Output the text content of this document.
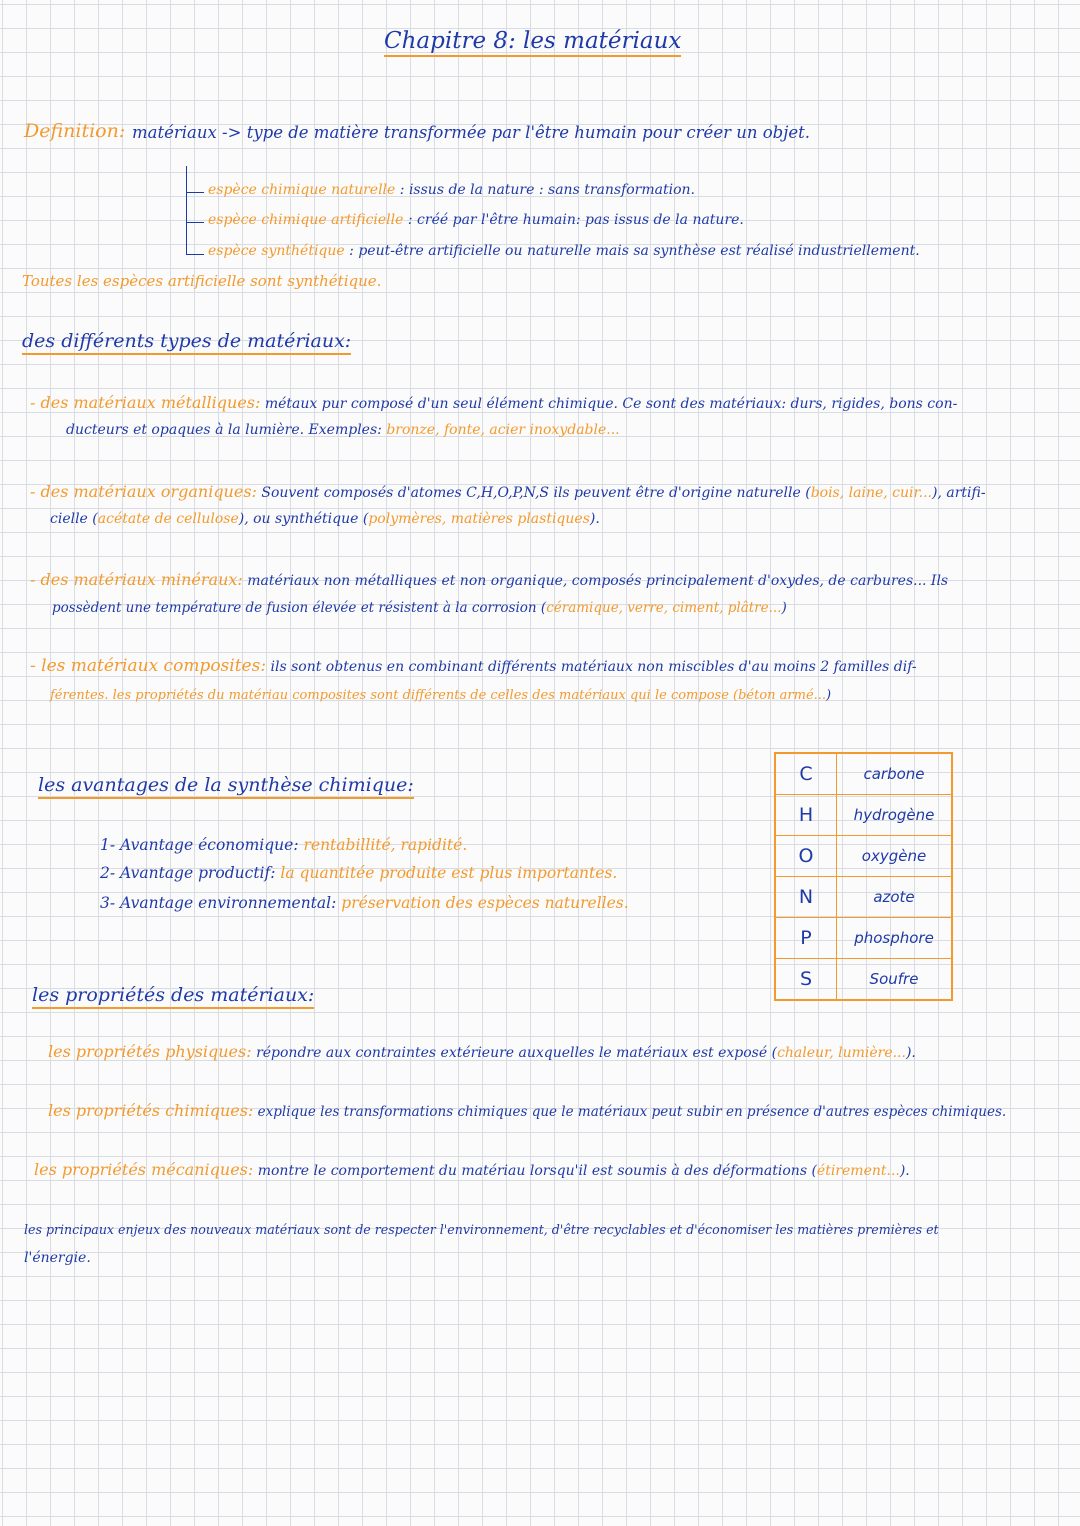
Chapitre 8: les matériaux
Definition: matériaux -> type de matière transformée par l'être humain pour créer un objet.
espèce chimique naturelle : issus de la nature : sans transformation.
espèce chimique artificielle : créé par l'être humain: pas issus de la nature.
espèce synthétique : peut-être artificielle ou naturelle mais sa synthèse est réalisé industriellement.
Toutes les espèces artificielle sont synthétique.
des différents types de matériaux:
- des matériaux métalliques: métaux pur composé d'un seul élément chimique. Ce sont des matériaux: durs, rigides, bons con-
ducteurs et opaques à la lumière. Exemples: bronze, fonte, acier inoxydable...
- des matériaux organiques: Souvent composés d'atomes C,H,O,P,N,S ils peuvent être d'origine naturelle (bois, laine, cuir...), artifi-
cielle (acétate de cellulose), ou synthétique (polymères, matières plastiques).
- des matériaux minéraux: matériaux non métalliques et non organique, composés principalement d'oxydes, de carbures... Ils
possèdent une température de fusion élevée et résistent à la corrosion (céramique, verre, ciment, plâtre...)
- les matériaux composites: ils sont obtenus en combinant différents matériaux non miscibles d'au moins 2 familles dif-
férentes. les propriétés du matériau composites sont différents de celles des matériaux qui le compose (béton armé...)
les avantages de la synthèse chimique:
1- Avantage économique: rentabillité, rapidité.
2- Avantage productif: la quantitée produite est plus importantes.
3- Avantage environnemental: préservation des espèces naturelles.
C	carbone
H	hydrogène
O	oxygène
N	azote
P	phosphore
S	Soufre
les propriétés des matériaux:
les propriétés physiques: répondre aux contraintes extérieure auxquelles le matériaux est exposé (chaleur, lumière...).
les propriétés chimiques: explique les transformations chimiques que le matériaux peut subir en présence d'autres espèces chimiques.
les propriétés mécaniques: montre le comportement du matériau lorsqu'il est soumis à des déformations (étirement...).
les principaux enjeux des nouveaux matériaux sont de respecter l'environnement, d'être recyclables et d'économiser les matières premières et
l'énergie.
